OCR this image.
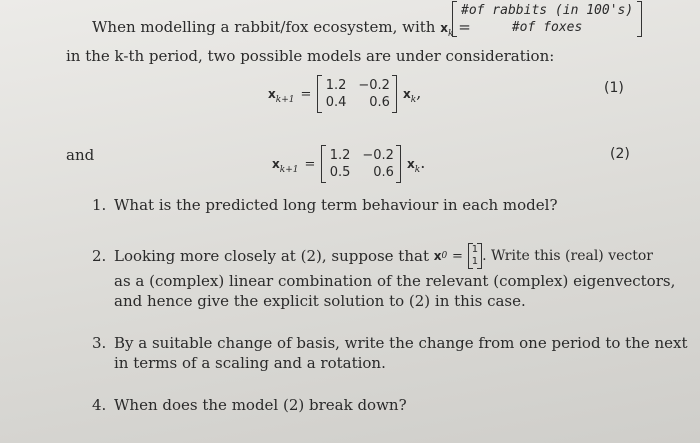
When modelling a rabbit/fox ecosystem, with $x_k$ =
#of rabbits (in 100's)
#of foxes
in the k-th period, two possible models are under consideration:
$x_{k+1}$ =
1.2 −0.2
0.4 0.6
$x_k$,	(1)
and	$x_{k+1}$ =
1.2 −0.2
0.5 0.6
$x_k$.	(2)
1. What is the predicted long term behaviour in each model?
2. Looking more closely at (2), suppose that
x 0
=
1
1 . Write this (real) vector
as a (complex) linear combination of the relevant (complex) eigenvectors,
and hence give the explicit solution to (2) in this case.
3. By a suitable change of basis, write the change from one period to the next
in terms of a scaling and a rotation.
4. When does the model (2) break down?
